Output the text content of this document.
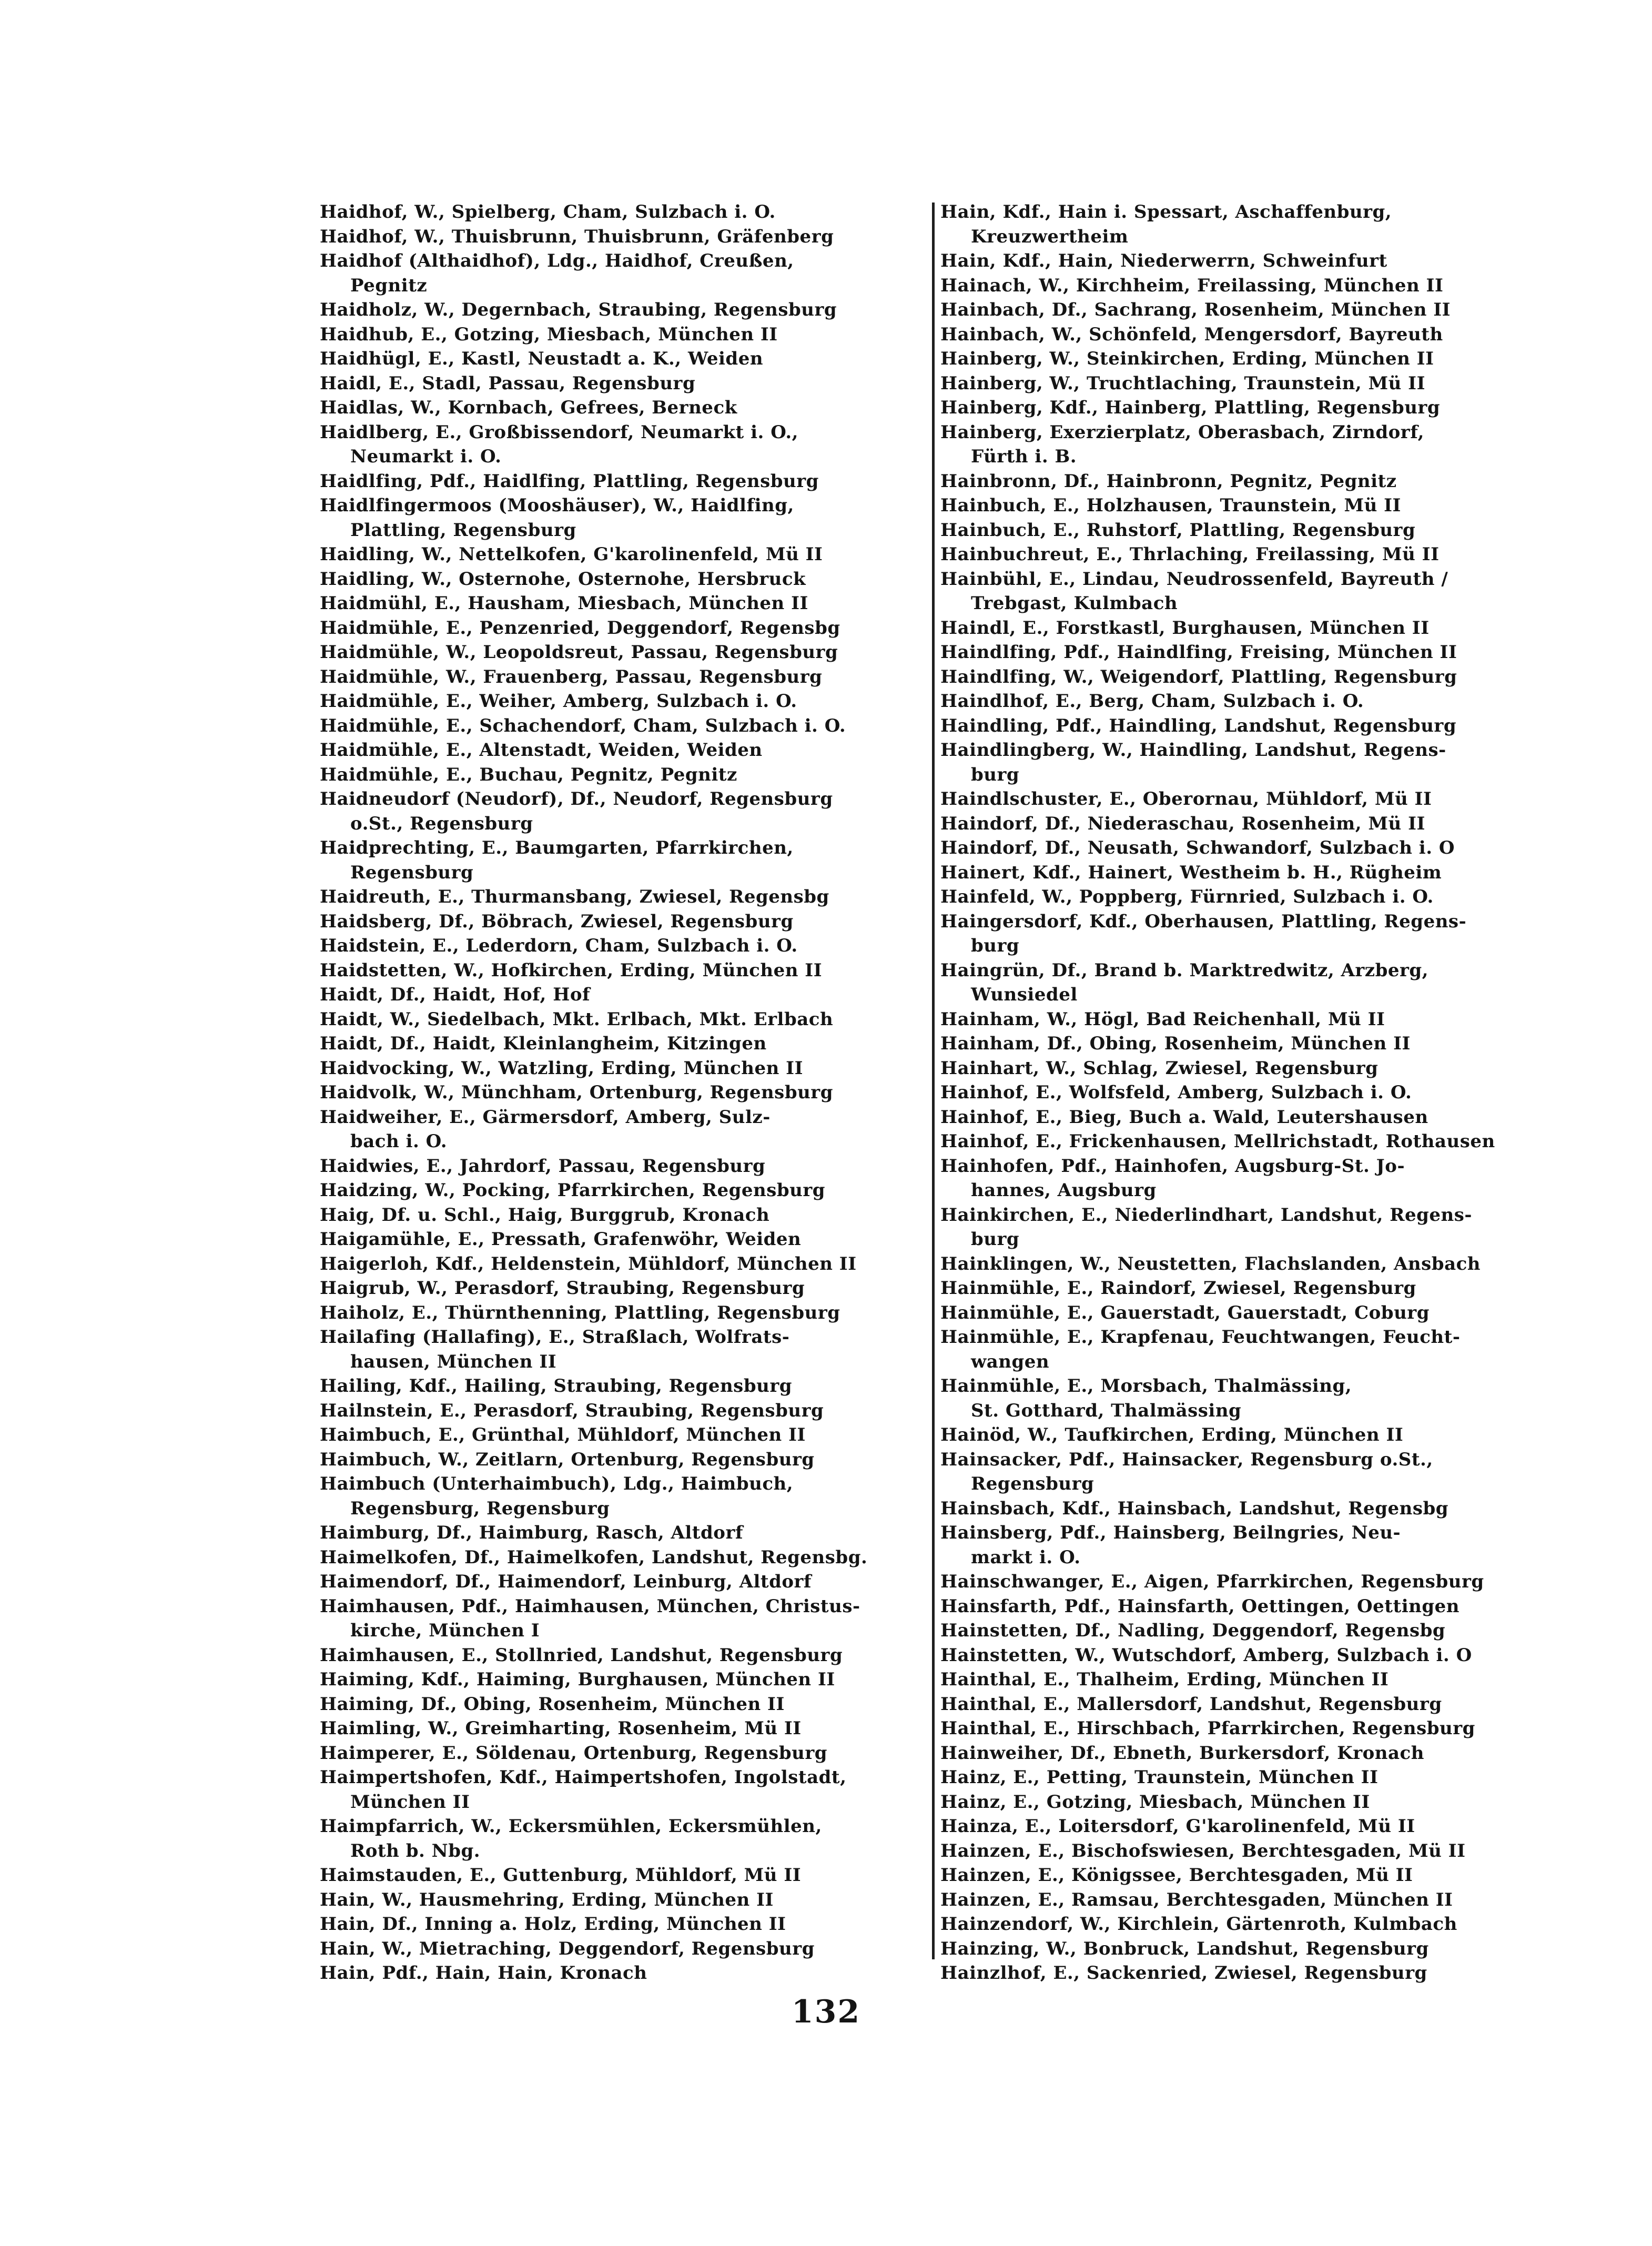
Haidhof, W., Spielberg, Cham, Sulzbach i. O.
Haidhof, W., Thuisbrunn, Thuisbrunn, Gräfenberg
Haidhof (Althaidhof), Ldg., Haidhof, Creußen,
Pegnitz
Haidholz, W., Degernbach, Straubing, Regensburg
Haidhub, E., Gotzing, Miesbach, München II
Haidhügl, E., Kastl, Neustadt a. K., Weiden
Haidl, E., Stadl, Passau, Regensburg
Haidlas, W., Kornbach, Gefrees, Berneck
Haidlberg, E., Großbissendorf, Neumarkt i. O.,
Neumarkt i. O.
Haidlfing, Pdf., Haidlfing, Plattling, Regensburg
Haidlfingermoos (Mooshäuser), W., Haidlfing,
Plattling, Regensburg
Haidling, W., Nettelkofen, G'karolinenfeld, Mü II
Haidling, W., Osternohe, Osternohe, Hersbruck
Haidmühl, E., Hausham, Miesbach, München II
Haidmühle, E., Penzenried, Deggendorf, Regensbg
Haidmühle, W., Leopoldsreut, Passau, Regensburg
Haidmühle, W., Frauenberg, Passau, Regensburg
Haidmühle, E., Weiher, Amberg, Sulzbach i. O.
Haidmühle, E., Schachendorf, Cham, Sulzbach i. O.
Haidmühle, E., Altenstadt, Weiden, Weiden
Haidmühle, E., Buchau, Pegnitz, Pegnitz
Haidneudorf (Neudorf), Df., Neudorf, Regensburg
o.St., Regensburg
Haidprechting, E., Baumgarten, Pfarrkirchen,
Regensburg
Haidreuth, E., Thurmansbang, Zwiesel, Regensbg
Haidsberg, Df., Böbrach, Zwiesel, Regensburg
Haidstein, E., Lederdorn, Cham, Sulzbach i. O.
Haidstetten, W., Hofkirchen, Erding, München II
Haidt, Df., Haidt, Hof, Hof
Haidt, W., Siedelbach, Mkt. Erlbach, Mkt. Erlbach
Haidt, Df., Haidt, Kleinlangheim, Kitzingen
Haidvocking, W., Watzling, Erding, München II
Haidvolk, W., Münchham, Ortenburg, Regensburg
Haidweiher, E., Gärmersdorf, Amberg, Sulz-
bach i. O.
Haidwies, E., Jahrdorf, Passau, Regensburg
Haidzing, W., Pocking, Pfarrkirchen, Regensburg
Haig, Df. u. Schl., Haig, Burggrub, Kronach
Haigamühle, E., Pressath, Grafenwöhr, Weiden
Haigerloh, Kdf., Heldenstein, Mühldorf, München II
Haigrub, W., Perasdorf, Straubing, Regensburg
Haiholz, E., Thürnthenning, Plattling, Regensburg
Hailafing (Hallafing), E., Straßlach, Wolfrats-
hausen, München II
Hailing, Kdf., Hailing, Straubing, Regensburg
Hailnstein, E., Perasdorf, Straubing, Regensburg
Haimbuch, E., Grünthal, Mühldorf, München II
Haimbuch, W., Zeitlarn, Ortenburg, Regensburg
Haimbuch (Unterhaimbuch), Ldg., Haimbuch,
Regensburg, Regensburg
Haimburg, Df., Haimburg, Rasch, Altdorf
Haimelkofen, Df., Haimelkofen, Landshut, Regensbg.
Haimendorf, Df., Haimendorf, Leinburg, Altdorf
Haimhausen, Pdf., Haimhausen, München, Christus-
kirche, München I
Haimhausen, E., Stollnried, Landshut, Regensburg
Haiming, Kdf., Haiming, Burghausen, München II
Haiming, Df., Obing, Rosenheim, München II
Haimling, W., Greimharting, Rosenheim, Mü II
Haimperer, E., Söldenau, Ortenburg, Regensburg
Haimpertshofen, Kdf., Haimpertshofen, Ingolstadt,
München II
Haimpfarrich, W., Eckersmühlen, Eckersmühlen,
Roth b. Nbg.
Haimstauden, E., Guttenburg, Mühldorf, Mü II
Hain, W., Hausmehring, Erding, München II
Hain, Df., Inning a. Holz, Erding, München II
Hain, W., Mietraching, Deggendorf, Regensburg
Hain, Pdf., Hain, Hain, Kronach
Hain, Kdf., Hain i. Spessart, Aschaffenburg,
Kreuzwertheim
Hain, Kdf., Hain, Niederwerrn, Schweinfurt
Hainach, W., Kirchheim, Freilassing, München II
Hainbach, Df., Sachrang, Rosenheim, München II
Hainbach, W., Schönfeld, Mengersdorf, Bayreuth
Hainberg, W., Steinkirchen, Erding, München II
Hainberg, W., Truchtlaching, Traunstein, Mü II
Hainberg, Kdf., Hainberg, Plattling, Regensburg
Hainberg, Exerzierplatz, Oberasbach, Zirndorf,
Fürth i. B.
Hainbronn, Df., Hainbronn, Pegnitz, Pegnitz
Hainbuch, E., Holzhausen, Traunstein, Mü II
Hainbuch, E., Ruhstorf, Plattling, Regensburg
Hainbuchreut, E., Thrlaching, Freilassing, Mü II
Hainbühl, E., Lindau, Neudrossenfeld, Bayreuth /
Trebgast, Kulmbach
Haindl, E., Forstkastl, Burghausen, München II
Haindlfing, Pdf., Haindlfing, Freising, München II
Haindlfing, W., Weigendorf, Plattling, Regensburg
Haindlhof, E., Berg, Cham, Sulzbach i. O.
Haindling, Pdf., Haindling, Landshut, Regensburg
Haindlingberg, W., Haindling, Landshut, Regens-
burg
Haindlschuster, E., Oberornau, Mühldorf, Mü II
Haindorf, Df., Niederaschau, Rosenheim, Mü II
Haindorf, Df., Neusath, Schwandorf, Sulzbach i. O
Hainert, Kdf., Hainert, Westheim b. H., Rügheim
Hainfeld, W., Poppberg, Fürnried, Sulzbach i. O.
Haingersdorf, Kdf., Oberhausen, Plattling, Regens-
burg
Haingrün, Df., Brand b. Marktredwitz, Arzberg,
Wunsiedel
Hainham, W., Högl, Bad Reichenhall, Mü II
Hainham, Df., Obing, Rosenheim, München II
Hainhart, W., Schlag, Zwiesel, Regensburg
Hainhof, E., Wolfsfeld, Amberg, Sulzbach i. O.
Hainhof, E., Bieg, Buch a. Wald, Leutershausen
Hainhof, E., Frickenhausen, Mellrichstadt, Rothausen
Hainhofen, Pdf., Hainhofen, Augsburg-St. Jo-
hannes, Augsburg
Hainkirchen, E., Niederlindhart, Landshut, Regens-
burg
Hainklingen, W., Neustetten, Flachslanden, Ansbach
Hainmühle, E., Raindorf, Zwiesel, Regensburg
Hainmühle, E., Gauerstadt, Gauerstadt, Coburg
Hainmühle, E., Krapfenau, Feuchtwangen, Feucht-
wangen
Hainmühle, E., Morsbach, Thalmässing,
St. Gotthard, Thalmässing
Hainöd, W., Taufkirchen, Erding, München II
Hainsacker, Pdf., Hainsacker, Regensburg o.St.,
Regensburg
Hainsbach, Kdf., Hainsbach, Landshut, Regensbg
Hainsberg, Pdf., Hainsberg, Beilngries, Neu-
markt i. O.
Hainschwanger, E., Aigen, Pfarrkirchen, Regensburg
Hainsfarth, Pdf., Hainsfarth, Oettingen, Oettingen
Hainstetten, Df., Nadling, Deggendorf, Regensbg
Hainstetten, W., Wutschdorf, Amberg, Sulzbach i. O
Hainthal, E., Thalheim, Erding, München II
Hainthal, E., Mallersdorf, Landshut, Regensburg
Hainthal, E., Hirschbach, Pfarrkirchen, Regensburg
Hainweiher, Df., Ebneth, Burkersdorf, Kronach
Hainz, E., Petting, Traunstein, München II
Hainz, E., Gotzing, Miesbach, München II
Hainza, E., Loitersdorf, G'karolinenfeld, Mü II
Hainzen, E., Bischofswiesen, Berchtesgaden, Mü II
Hainzen, E., Königssee, Berchtesgaden, Mü II
Hainzen, E., Ramsau, Berchtesgaden, München II
Hainzendorf, W., Kirchlein, Gärtenroth, Kulmbach
Hainzing, W., Bonbruck, Landshut, Regensburg
Hainzlhof, E., Sackenried, Zwiesel, Regensburg
132
